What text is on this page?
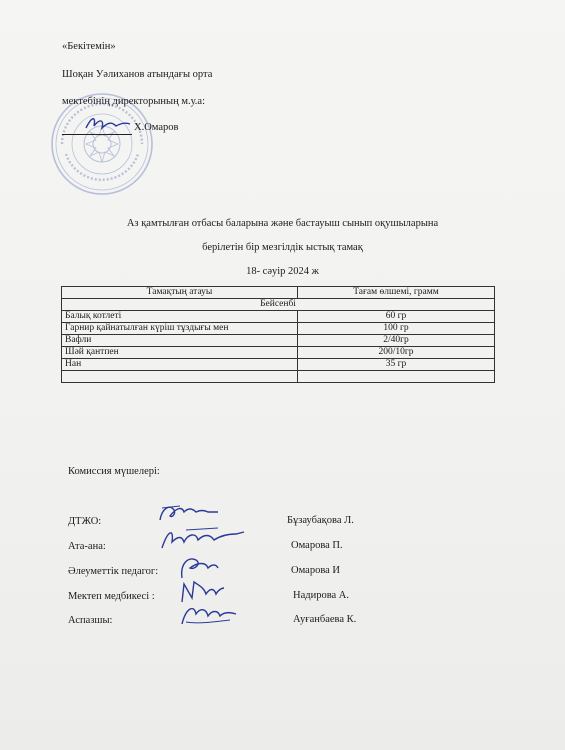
«Бекітемін»
Шоқан Уәлиханов атындағы орта
мектебінің директорының м.у.а:
Х.Омаров
Аз қамтылған отбасы баларына және бастауыш сынып оқушыларына
берілетін бір мезгілдік ыстық тамақ
18- сәуір 2024 ж
Тамақтың атауы	Тағам өлшемі, грамм
Бейсенбі	
Балық котлеті	60 гр
Гарнир қайнатылған күріш тұздығы мен	100 гр
Вафли	2/40гр
Шәй қантпен	200/10гр
Нан	35 гр

Комиссия мүшелері:
ДТЖО:	Бұзаубақова Л.
Ата-ана:	Омарова П.
Әлеуметтік педагог:	Омарова И
Мектеп медбикесі :	Надирова А.
Аспазшы:	Ауғанбаева К.
